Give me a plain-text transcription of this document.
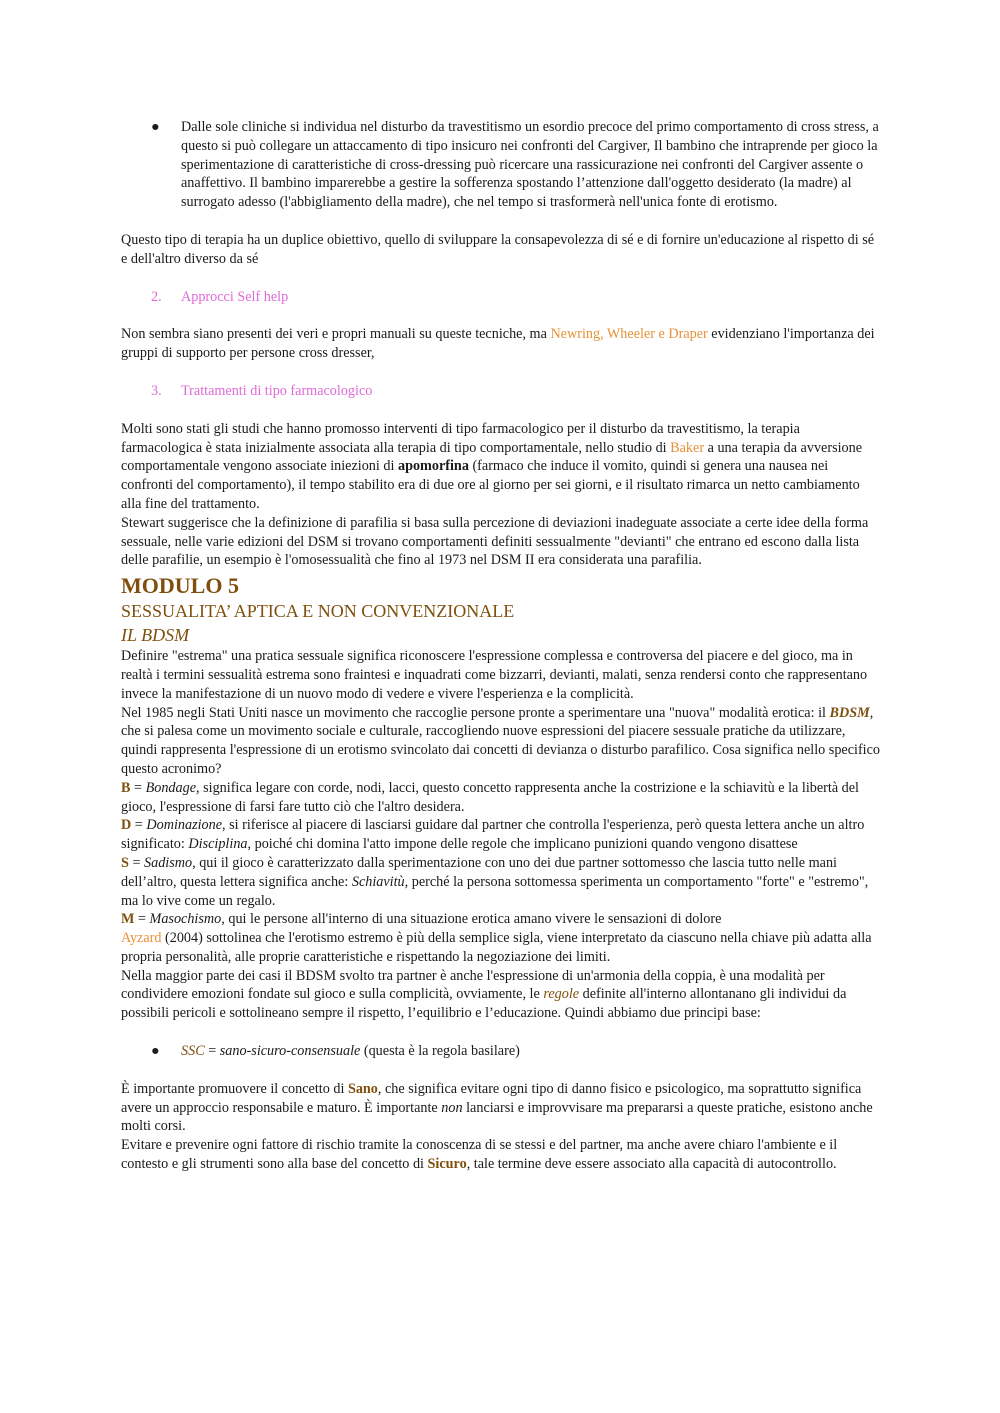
● Dalle sole cliniche si individua nel disturbo da travestitismo un esordio precoce del primo comportamento di cross stress, a questo si può collegare un attaccamento di tipo insicuro nei confronti del Cargiver, Il bambino che intraprende per gioco la sperimentazione di caratteristiche di cross-dressing può ricercare una rassicurazione nei confronti del Cargiver assente o anaffettivo. Il bambino imparerebbe a gestire la sofferenza spostando l’attenzione dall'oggetto desiderato (la madre) al surrogato adesso (l'abbigliamento della madre), che nel tempo si trasformerà nell'unica fonte di erotismo.

Questo tipo di terapia ha un duplice obiettivo, quello di sviluppare la consapevolezza di sé e di fornire un'educazione al rispetto di sé e dell'altro diverso da sé

2. Approcci Self help

Non sembra siano presenti dei veri e propri manuali su queste tecniche, ma Newring, Wheeler e Draper evidenziano l'importanza dei gruppi di supporto per persone cross dresser,

3. Trattamenti di tipo farmacologico

Molti sono stati gli studi che hanno promosso interventi di tipo farmacologico per il disturbo da travestitismo, la terapia farmacologica è stata inizialmente associata alla terapia di tipo comportamentale, nello studio di Baker a una terapia da avversione comportamentale vengono associate iniezioni di apomorfina (farmaco che induce il vomito, quindi si genera una nausea nei confronti del comportamento), il tempo stabilito era di due ore al giorno per sei giorni, e il risultato rimarca un netto cambiamento alla fine del trattamento.

Stewart suggerisce che la definizione di parafilia si basa sulla percezione di deviazioni inadeguate associate a certe idee della forma sessuale, nelle varie edizioni del DSM si trovano comportamenti definiti sessualmente "devianti" che entrano ed escono dalla lista delle parafilie, un esempio è l'omosessualità che fino al 1973 nel DSM II era considerata una parafilia.

MODULO 5
SESSUALITA’ APTICA E NON CONVENZIONALE
IL BDSM

Definire "estrema" una pratica sessuale significa riconoscere l'espressione complessa e controversa del piacere e del gioco, ma in realtà i termini sessualità estrema sono fraintesi e inquadrati come bizzarri, devianti, malati, senza rendersi conto che rappresentano invece la manifestazione di un nuovo modo di vedere e vivere l'esperienza e la complicità.

Nel 1985 negli Stati Uniti nasce un movimento che raccoglie persone pronte a sperimentare una "nuova" modalità erotica: il BDSM, che si palesa come un movimento sociale e culturale, raccogliendo nuove espressioni del piacere sessuale pratiche da utilizzare, quindi rappresenta l'espressione di un erotismo svincolato dai concetti di devianza o disturbo parafilico. Cosa significa nello specifico questo acronimo?

B = Bondage, significa legare con corde, nodi, lacci, questo concetto rappresenta anche la costrizione e la schiavitù e la libertà del gioco, l'espressione di farsi fare tutto ciò che l'altro desidera.

D = Dominazione, si riferisce al piacere di lasciarsi guidare dal partner che controlla l'esperienza, però questa lettera anche un altro significato: Disciplina, poiché chi domina l'atto impone delle regole che implicano punizioni quando vengono disattese

S = Sadismo, qui il gioco è caratterizzato dalla sperimentazione con uno dei due partner sottomesso che lascia tutto nelle mani dell’altro, questa lettera significa anche: Schiavitù, perché la persona sottomessa sperimenta un comportamento "forte" e "estremo", ma lo vive come un regalo.

M = Masochismo, qui le persone all'interno di una situazione erotica amano vivere le sensazioni di dolore

Ayzard (2004) sottolinea che l'erotismo estremo è più della semplice sigla, viene interpretato da ciascuno nella chiave più adatta alla propria personalità, alle proprie caratteristiche e rispettando la negoziazione dei limiti.

Nella maggior parte dei casi il BDSM svolto tra partner è anche l'espressione di un'armonia della coppia, è una modalità per condividere emozioni fondate sul gioco e sulla complicità, ovviamente, le regole definite all'interno allontanano gli individui da possibili pericoli e sottolineano sempre il rispetto, l’equilibrio e l’educazione. Quindi abbiamo due principi base:

● SSC = sano-sicuro-consensuale (questa è la regola basilare)

È importante promuovere il concetto di Sano, che significa evitare ogni tipo di danno fisico e psicologico, ma soprattutto significa avere un approccio responsabile e maturo. È importante non lanciarsi e improvvisare ma prepararsi a queste pratiche, esistono anche molti corsi.

Evitare e prevenire ogni fattore di rischio tramite la conoscenza di se stessi e del partner, ma anche avere chiaro l'ambiente e il contesto e gli strumenti sono alla base del concetto di Sicuro, tale termine deve essere associato alla capacità di autocontrollo.
